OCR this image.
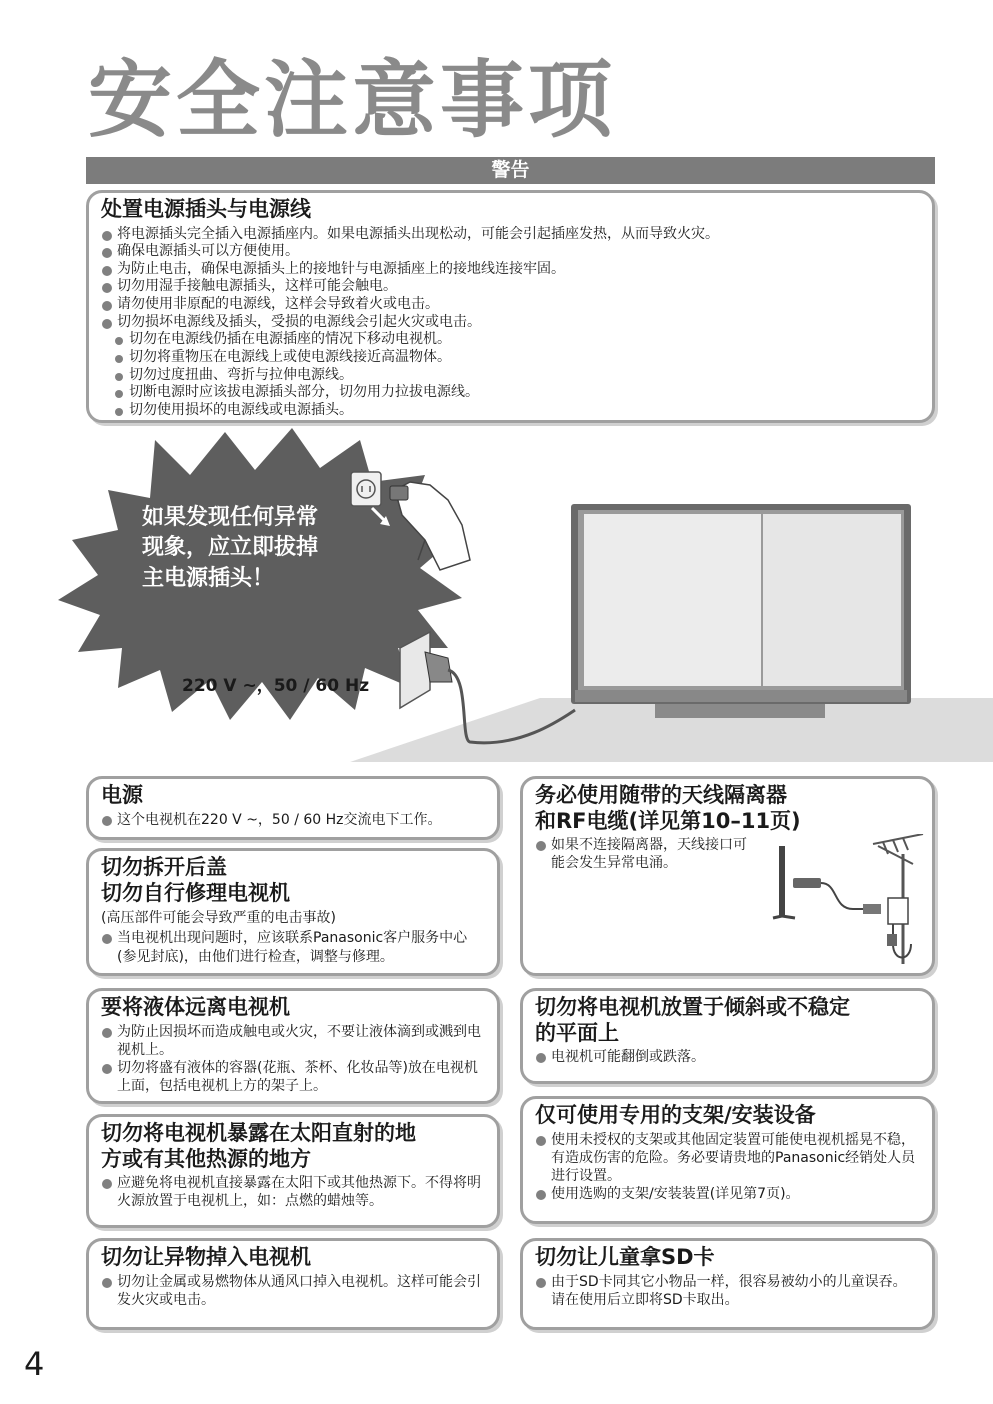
安全注意事项
警告
处置电源插头与电源线
将电源插头完全插入电源插座内。如果电源插头出现松动，可能会引起插座发热，从而导致火灾。
确保电源插头可以方便使用。
为防止电击，确保电源插头上的接地针与电源插座上的接地线连接牢固。
切勿用湿手接触电源插头，这样可能会触电。
请勿使用非原配的电源线，这样会导致着火或电击。
切勿损坏电源线及插头，受损的电源线会引起火灾或电击。
切勿在电源线仍插在电源插座的情况下移动电视机。
切勿将重物压在电源线上或使电源线接近高温物体。
切勿过度扭曲、弯折与拉伸电源线。
切断电源时应该拔电源插头部分，切勿用力拉拔电源线。
切勿使用损坏的电源线或电源插头。
如果发现任何异常
现象，应立即拔掉
主电源插头！
220 V ~，50 / 60 Hz
电源
这个电视机在220 V ~，50 / 60 Hz交流电下工作。
切勿拆开后盖
切勿自行修理电视机

(高压部件可能会导致严重的电击事故)

当电视机出现问题时，应该联系Panasonic客户服务中心(参见封底)，由他们进行检查，调整与修理。
要将液体远离电视机
为防止因损坏而造成触电或火灾，不要让液体滴到或溅到电视机上。
切勿将盛有液体的容器(花瓶、茶杯、化妆品等)放在电视机上面，包括电视机上方的架子上。
切勿将电视机暴露在太阳直射的地
方或有其他热源的地方
应避免将电视机直接暴露在太阳下或其他热源下。不得将明火源放置于电视机上，如：点燃的蜡烛等。
切勿让异物掉入电视机
切勿让金属或易燃物体从通风口掉入电视机。这样可能会引发火灾或电击。
务必使用随带的天线隔离器
和RF电缆(详见第10–11页)
如果不连接隔离器，天线接口可能会发生异常电涌。
切勿将电视机放置于倾斜或不稳定
的平面上
电视机可能翻倒或跌落。
仅可使用专用的支架/安装设备
使用未授权的支架或其他固定装置可能使电视机摇晃不稳，有造成伤害的危险。务必要请贵地的Panasonic经销处人员进行设置。
使用选购的支架/安装装置(详见第7页)。
切勿让儿童拿SD卡
由于SD卡同其它小物品一样，很容易被幼小的儿童误吞。请在使用后立即将SD卡取出。
4
